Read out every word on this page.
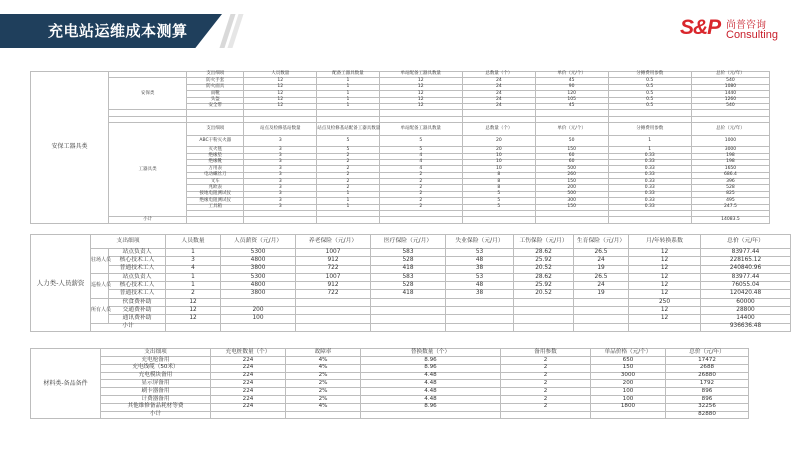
充电站运维成本测算	S&P 尚普咨询
Consulting
安保工器具类		支出细项	人员数量	配备工器具数量	单站配备工器具数量	总数量（个）	单价（元/个）	分摊费用参数	总价（元/年）
	安保类	防火手套	12	1	12	24	45	0.5	540
		防火面具	12	1	12	24	90	0.5	1080
		雨靴	12	1	12	24	120	0.5	1440
		头盔	12	1	12	24	105	0.5	1260
		安全带	12	1	12	24	45	0.5	540

	工器具类	支出细项	站点及检修基站数量	站点及检修基站配备工器具数量	单站配备工器具数量	总数量（个）	单价（元/个）	分摊费用参数	总价（元/年）
		ABC干粉灭火器	3	5	5	20	50	1	1000
		灭火毯	3	5	5	20	150	1	3000
		绝缘垫	3	2	4	10	60	0.33	198
		绝缘靴	3	2	4	10	60	0.33	198
		万用表	3	2	4	10	500	0.33	1650
		电动螺丝刀	3	2	2	8	260	0.33	686.4
		叉车	3	2	2	8	150	0.33	396
		兆欧表	3	2	2	8	200	0.33	528
		接地电阻测试仪	3	1	2	5	500	0.33	825
		绝缘电阻测试仪	3	1	2	5	300	0.33	495
		工具箱	3	1	2	5	150	0.33	247.5

	小计								14083.5
人力类-人员薪资	支出细项		人员数量	人员薪资（元/月）	养老保险（元/月）	医疗保险（元/月）	失业保险（元/月）	工伤保险（元/月）	生育保险（元/月）	月/年转换系数	总价（元/年）
	驻场人员	站点负责人	1	5300	1007	583	53	28.62	26.5	12	83977.44
		核心技术工人	3	4800	912	528	48	25.92	24	12	228165.12
		普通技术工人	4	3800	722	418	38	20.52	19	12	240840.96
	巡检人员	站点负责人	1	5300	1007	583	53	28.62	26.5	12	83977.44
		核心技术工人	1	4800	912	528	48	25.92	24	12	76055.04
		普通技术工人	2	3800	722	418	38	20.52	19	12	120420.48
	所有人员	伙食费补助	12							250	60000
		交通费补助	12	200						12	28800
		通讯费补助	12	100						12	14400
	小计										936636.48
材料类-备品备件	支出细项	充电桩数量（个）	故障率	替换数量（个）	备用参数	单品价格（元/个）	总价（元/年）
	充电枪备用	224	4%	8.96	2	650	17472
	充电线缆（50米）	224	4%	8.96	2	150	2688
	充电模块备用	224	2%	4.48	2	3000	26880
	显示屏备用	224	2%	4.48	2	200	1792
	刷卡器备用	224	2%	4.48	2	100	896
	计费器备用	224	2%	4.48	2	100	896
	其他维修备品耗材等费	224	4%	8.96	2	1800	32256
	小计						82880
